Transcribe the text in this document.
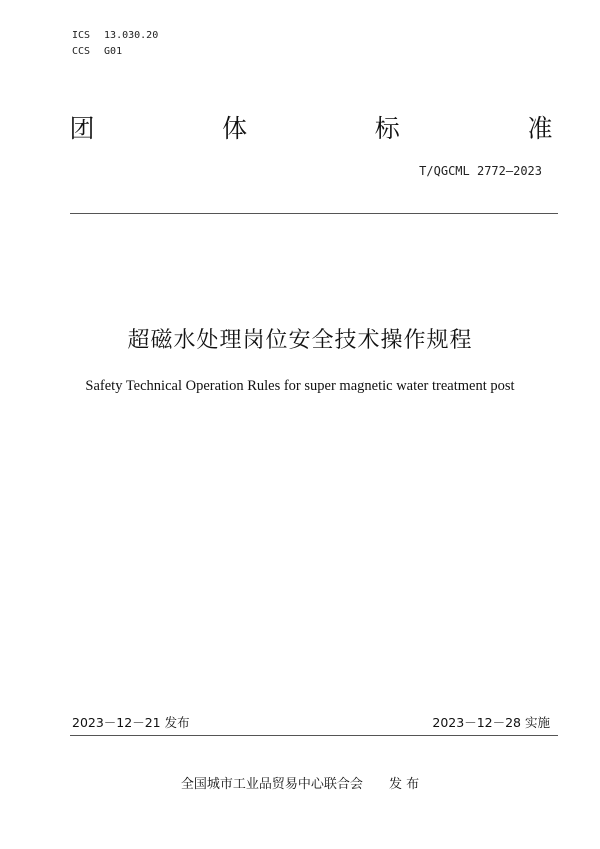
ICS 13.030.20
CCS G01
团	体	标	准
T/QGCML 2772—2023
超磁水处理岗位安全技术操作规程
Safety Technical Operation Rules for super magnetic water treatment post
2023－12－21 发布	2023－12－28 实施
全国城市工业品贸易中心联合会 发 布
